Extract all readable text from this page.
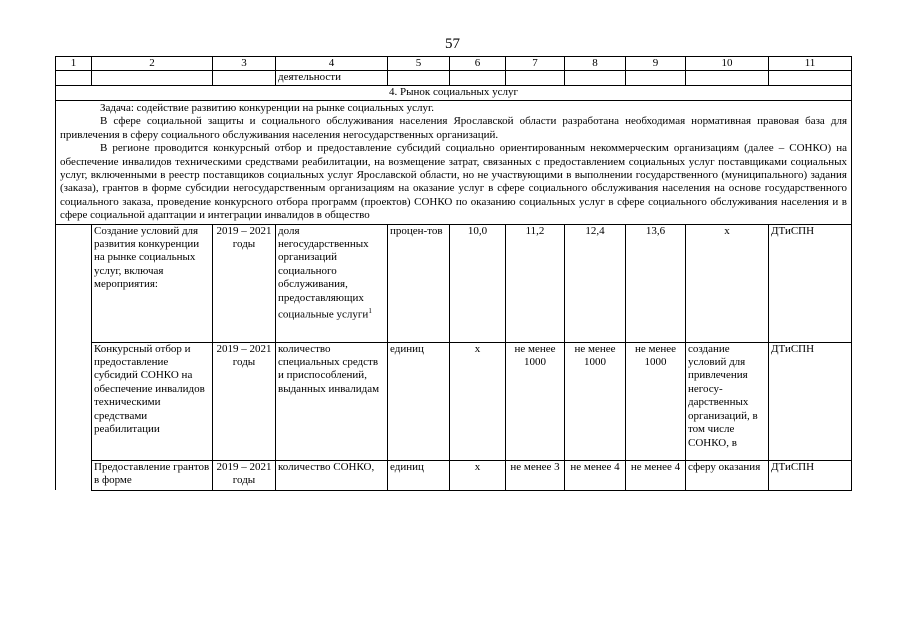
57
1	2	3	4	5	6	7	8	9	10	11
			деятельности							
4. Рынок социальных услуг										

Задача: содействие развитию конкуренции на рынке социальных услуг.

В сфере социальной защиты и социального обслуживания населения Ярославской области разработана необходимая нормативная правовая база для привлечения в сферу социального обслуживания населения негосударственных организаций.

В регионе проводится конкурсный отбор и предоставление субсидий социально ориентированным некоммерческим организациям (далее – СОНКО) на обеспечение инвалидов техническими средствами реабилитации, на возмещение затрат, связанных с предоставлением социальных услуг поставщиками социальных услуг, включенными в реестр поставщиков социальных услуг Ярославской области, но не участвующими в выполнении государственного (муниципального) задания (заказа), грантов в форме субсидии негосударственным организациям на оказание услуг в сфере социального обслуживания населения на основе государственного социального заказа, проведение конкурсного отбора программ (проектов) СОНКО по оказанию социальных услуг в сфере социального обслуживания населения и в сфере социальной адаптации и интеграции инвалидов в общество										

	Создание условий для развития конкуренции на рынке социальных услуг, включая мероприятия:	2019 – 2021 годы	доля негосударственных организаций социального обслуживания, предоставляющих социальные услуги$^1$	процен-тов	10,0	11,2	12,4	13,6	х	ДТиСПН
	Конкурсный отбор и предоставление субсидий СОНКО на обеспечение инвалидов техническими средствами реабилитации	2019 – 2021 годы	количество специальных средств и приспособлений, выданных инвалидам	единиц	х	не менее 1000	не менее 1000	не менее 1000	создание условий для привлечения негосу-дарственных организаций, в том числе СОНКО, в	ДТиСПН
	Предоставление грантов в форме	2019 – 2021 годы	количество СОНКО,	единиц	х	не менее 3	не менее 4	не менее 4	сферу оказания	ДТиСПН
